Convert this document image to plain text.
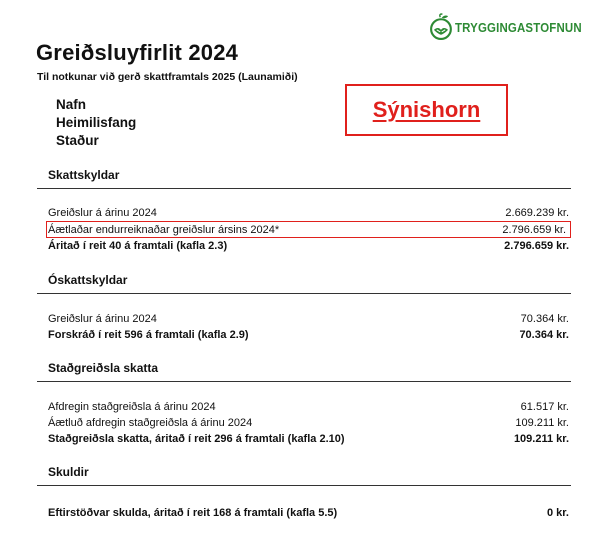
TRYGGINGASTOFNUN
Greiðsluyfirlit 2024
Til notkunar við gerð skattframtals 2025 (Launamiði)
Nafn
Heimilisfang
Staður
Sýnishorn
Skattskyldar
Greiðslur á árinu 2024	2.669.239 kr.
Áætlaðar endurreiknaðar greiðslur ársins 2024*	2.796.659 kr.
Áritað í reit 40 á framtali (kafla 2.3)	2.796.659 kr.
Óskattskyldar
Greiðslur á árinu 2024	70.364 kr.
Forskráð í reit 596 á framtali (kafla 2.9)	70.364 kr.
Staðgreiðsla skatta
Afdregin staðgreiðsla á árinu 2024	61.517 kr.
Áætluð afdregin staðgreiðsla á árinu 2024	109.211 kr.
Staðgreiðsla skatta, áritað í reit 296 á framtali (kafla 2.10)	109.211 kr.
Skuldir
Eftirstöðvar skulda, áritað í reit 168 á framtali (kafla 5.5)	0 kr.
